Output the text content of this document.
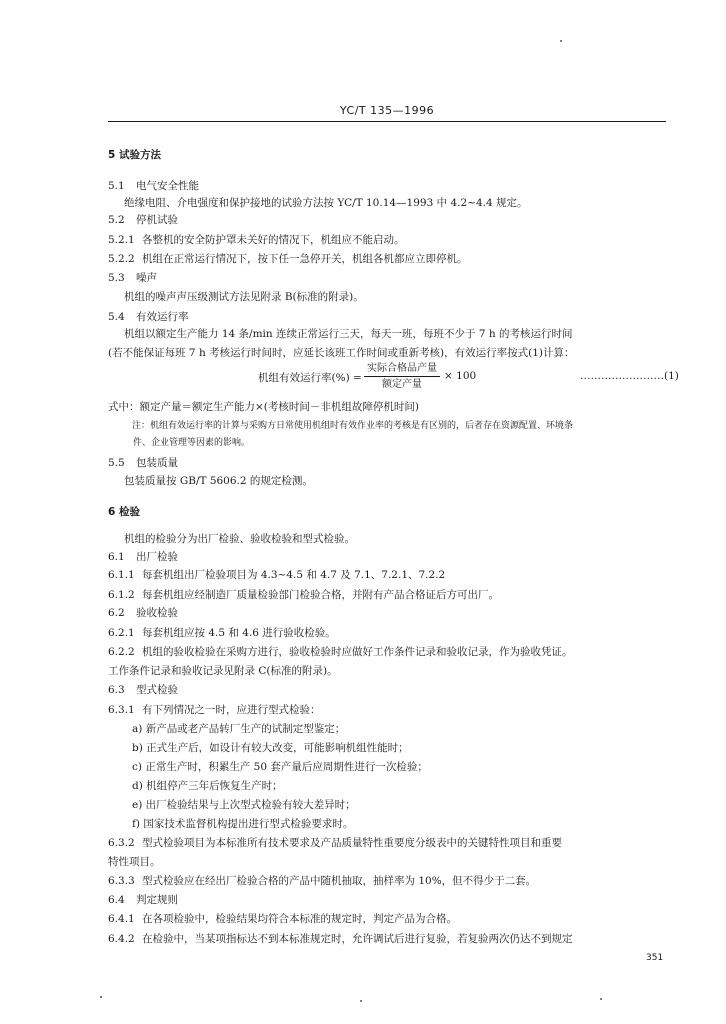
YC/T 135—1996
5 试验方法
5.1 电气安全性能
绝缘电阻、介电强度和保护接地的试验方法按 YC/T 10.14—1993 中 4.2~4.4 规定。
5.2 停机试验
5.2.1 各整机的安全防护罩未关好的情况下，机组应不能启动。
5.2.2 机组在正常运行情况下，按下任一急停开关，机组各机都应立即停机。
5.3 噪声
机组的噪声声压级测试方法见附录 B(标准的附录)。
5.4 有效运行率
机组以额定生产能力 14 条/min 连续正常运行三天，每天一班，每班不少于 7 h 的考核运行时间
(若不能保证每班 7 h 考核运行时间时，应延长该班工作时间或重新考核)，有效运行率按式(1)计算：
式中：额定产量＝额定生产能力×(考核时间－非机组故障停机时间)
注：机组有效运行率的计算与采购方日常使用机组时有效作业率的考核是有区别的，后者存在资源配置、环境条
件、企业管理等因素的影响。
5.5 包装质量
包装质量按 GB/T 5606.2 的规定检测。
6 检验
机组的检验分为出厂检验、验收检验和型式检验。
6.1 出厂检验
6.1.1 每套机组出厂检验项目为 4.3~4.5 和 4.7 及 7.1、7.2.1、7.2.2
6.1.2 每套机组应经制造厂质量检验部门检验合格，并附有产品合格证后方可出厂。
6.2 验收检验
6.2.1 每套机组应按 4.5 和 4.6 进行验收检验。
6.2.2 机组的验收检验在采购方进行，验收检验时应做好工作条件记录和验收记录，作为验收凭证。
工作条件记录和验收记录见附录 C(标准的附录)。
6.3 型式检验
6.3.1 有下列情况之一时，应进行型式检验：
a) 新产品或老产品转厂生产的试制定型鉴定；
b) 正式生产后，如设计有较大改变，可能影响机组性能时；
c) 正常生产时，积累生产 50 套产量后应周期性进行一次检验；
d) 机组停产三年后恢复生产时；
e) 出厂检验结果与上次型式检验有较大差异时；
f) 国家技术监督机构提出进行型式检验要求时。
6.3.2 型式检验项目为本标准所有技术要求及产品质量特性重要度分级表中的关键特性项目和重要
特性项目。
6.3.3 型式检验应在经出厂检验合格的产品中随机抽取，抽样率为 10%，但不得少于二套。
6.4 判定规则
6.4.1 在各项检验中，检验结果均符合本标准的规定时，判定产品为合格。
6.4.2 在检验中，当某项指标达不到本标准规定时，允许调试后进行复验，若复验两次仍达不到规定
机组有效运行率(%) =
实际合格品产量
额定产量
× 100	……………………(1)
351
